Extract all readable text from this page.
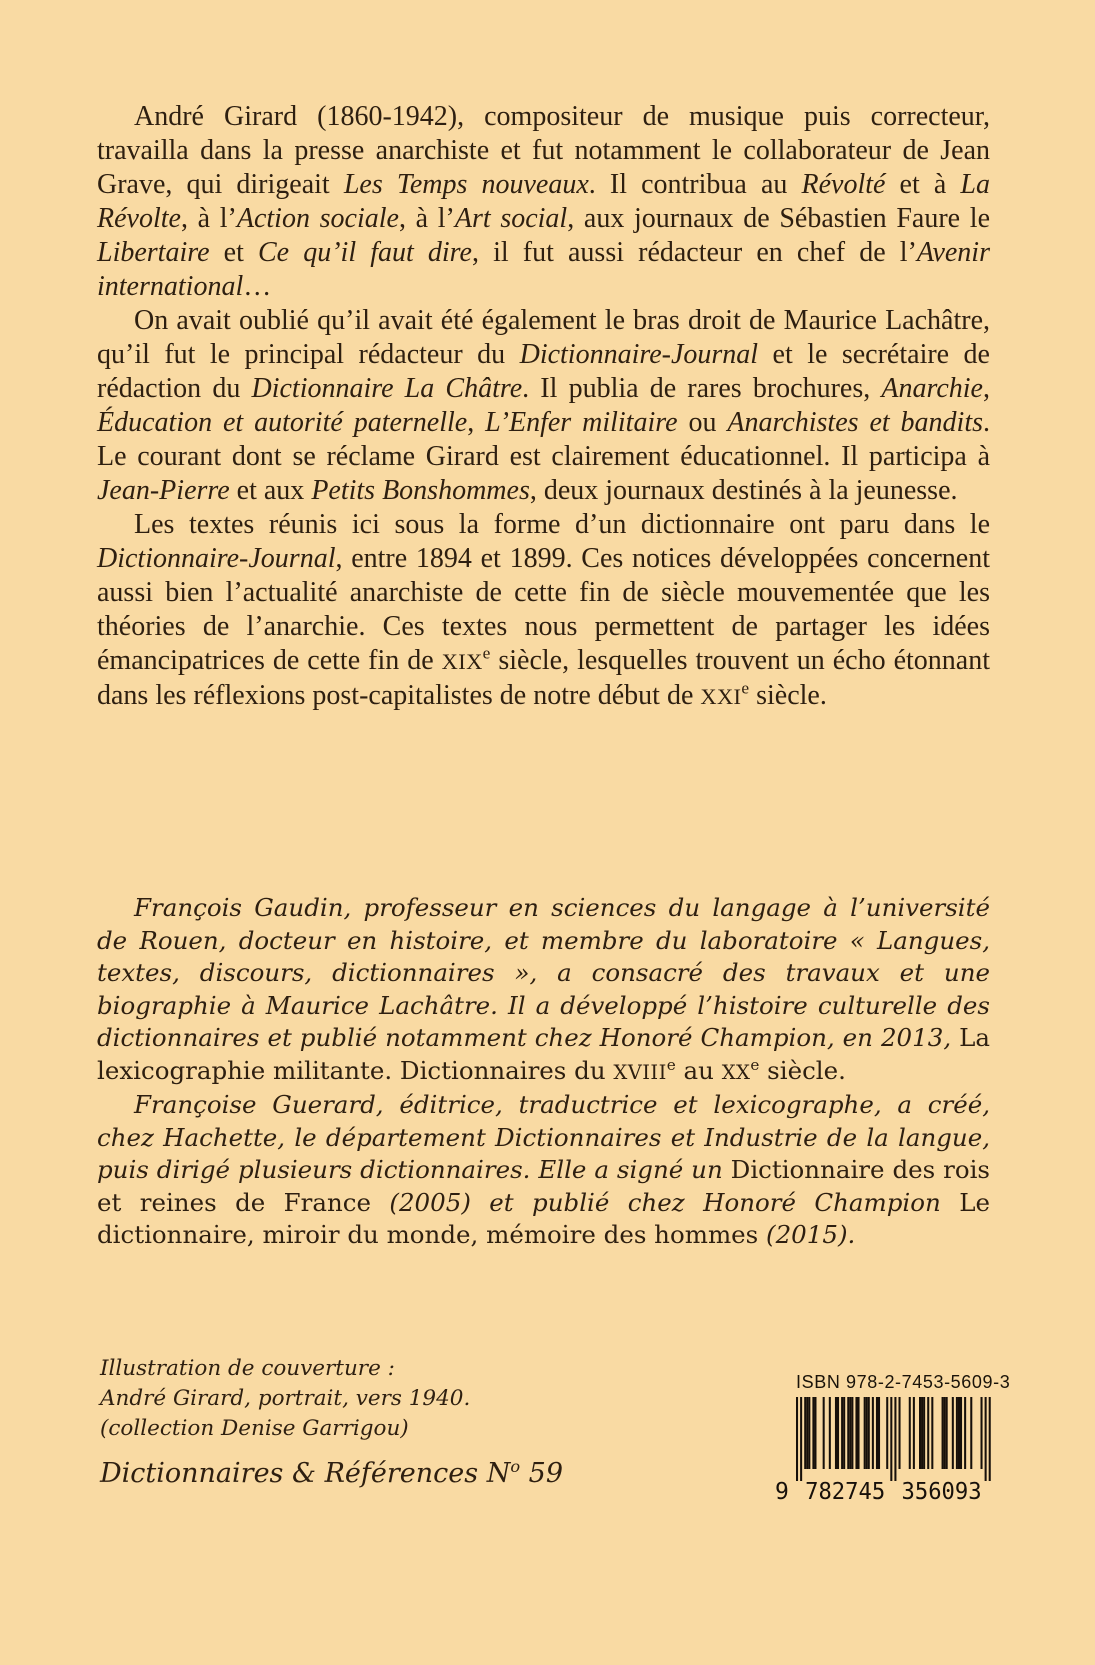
André Girard (1860-1942), compositeur de musique puis correcteur, travailla dans la presse anarchiste et fut notamment le collaborateur de Jean Grave, qui dirigeait Les Temps nouveaux. Il contribua au Révolté et à La Révolte, à l’Action sociale, à l’Art social, aux journaux de Sébastien Faure le Libertaire et Ce qu’il faut dire, il fut aussi rédacteur en chef de l’Avenir international…

On avait oublié qu’il avait été également le bras droit de Maurice Lachâtre, qu’il fut le principal rédacteur du Dictionnaire-Journal et le secrétaire de rédaction du Dictionnaire La Châtre. Il publia de rares brochures, Anarchie, Éducation et autorité paternelle, L’Enfer militaire ou Anarchistes et bandits. Le courant dont se réclame Girard est clairement éducationnel. Il participa à Jean-Pierre et aux Petits Bonshommes, deux journaux destinés à la jeunesse.

Les textes réunis ici sous la forme d’un dictionnaire ont paru dans le Dictionnaire-Journal, entre 1894 et 1899. Ces notices développées concernent aussi bien l’actualité anarchiste de cette fin de siècle mouvementée que les théories de l’anarchie. Ces textes nous permettent de partager les idées émancipatrices de cette fin de XIXe siècle, lesquelles trouvent un écho étonnant dans les réflexions post-capitalistes de notre début de XXIe siècle.

François Gaudin, professeur en sciences du langage à l’université de Rouen, docteur en histoire, et membre du laboratoire « Langues, textes, discours, dictionnaires », a consacré des travaux et une biographie à Maurice Lachâtre. Il a développé l’histoire culturelle des dictionnaires et publié notamment chez Honoré Champion, en 2013, La lexicographie militante. Dictionnaires du XVIIIe au XXe siècle.

Françoise Guerard, éditrice, traductrice et lexicographe, a créé, chez Hachette, le département Dictionnaires et Industrie de la langue, puis dirigé plusieurs dictionnaires. Elle a signé un Dictionnaire des rois et reines de France (2005) et publié chez Honoré Champion Le dictionnaire, miroir du monde, mémoire des hommes (2015).

Illustration de couverture :
André Girard, portrait, vers 1940.
(collection Denise Garrigou)
Dictionnaires & Références $N^o$ 59
ISBN 978-2-7453-5609-3
9 782745 356093
